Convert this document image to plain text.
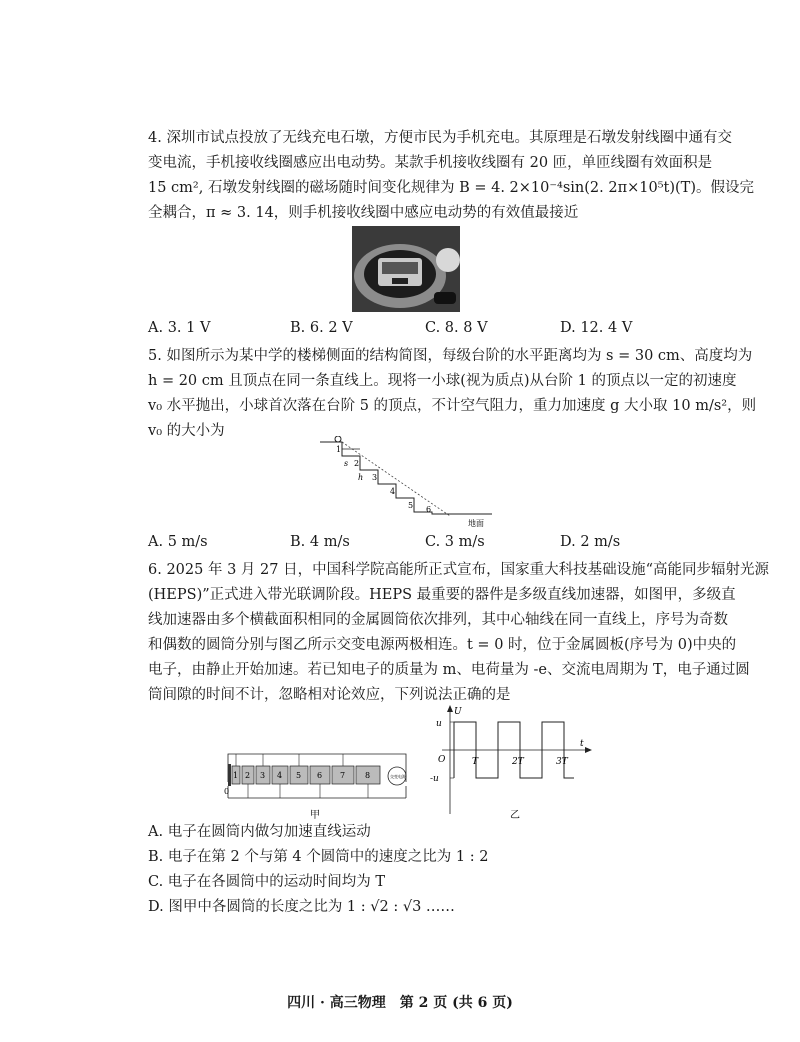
4. 深圳市试点投放了无线充电石墩，方便市民为手机充电。其原理是石墩发射线圈中通有交
变电流，手机接收线圈感应出电动势。某款手机接收线圈有 20 匝，单匝线圈有效面积是
15 cm², 石墩发射线圈的磁场随时间变化规律为 B = 4. 2×10⁻⁴sin(2. 2π×10⁵t)(T)。假设完
全耦合，π ≈ 3. 14，则手机接收线圈中感应电动势的有效值最接近
A. 3. 1 V	B. 6. 2 V	C. 8. 8 V	D. 12. 4 V
5. 如图所示为某中学的楼梯侧面的结构简图，每级台阶的水平距离均为 s = 30 cm、高度均为
h = 20 cm 且顶点在同一条直线上。现将一小球(视为质点)从台阶 1 的顶点以一定的初速度
v₀ 水平抛出，小球首次落在台阶 5 的顶点，不计空气阻力，重力加速度 g 大小取 10 m/s²，则
v₀ 的大小为
s
h
1
2
3
4
5 6
地面
A. 5 m/s	B. 4 m/s	C. 3 m/s	D. 2 m/s
6. 2025 年 3 月 27 日，中国科学院高能所正式宣布，国家重大科技基础设施“高能同步辐射光源
(HEPS)”正式进入带光联调阶段。HEPS 最重要的器件是多级直线加速器，如图甲，多级直
线加速器由多个横截面积相同的金属圆筒依次排列，其中心轴线在同一直线上，序号为奇数
和偶数的圆筒分别与图乙所示交变电源两极相连。t = 0 时，位于金属圆板(序号为 0)中央的
电子，由静止开始加速。若已知电子的质量为 m、电荷量为 -e、交流电周期为 T，电子通过圆
筒间隙的时间不计，忽略相对论效应，下列说法正确的是
交变电源
0
1 2 3 4 5 6 7 8
甲
U
t
O
u
-u
T	2T	3T
乙
A. 电子在圆筒内做匀加速直线运动
B. 电子在第 2 个与第 4 个圆筒中的速度之比为 1 : 2
C. 电子在各圆筒中的运动时间均为 T
D. 图甲中各圆筒的长度之比为 1 : √2 : √3 ……
四川 · 高三物理　第 2 页 (共 6 页)
